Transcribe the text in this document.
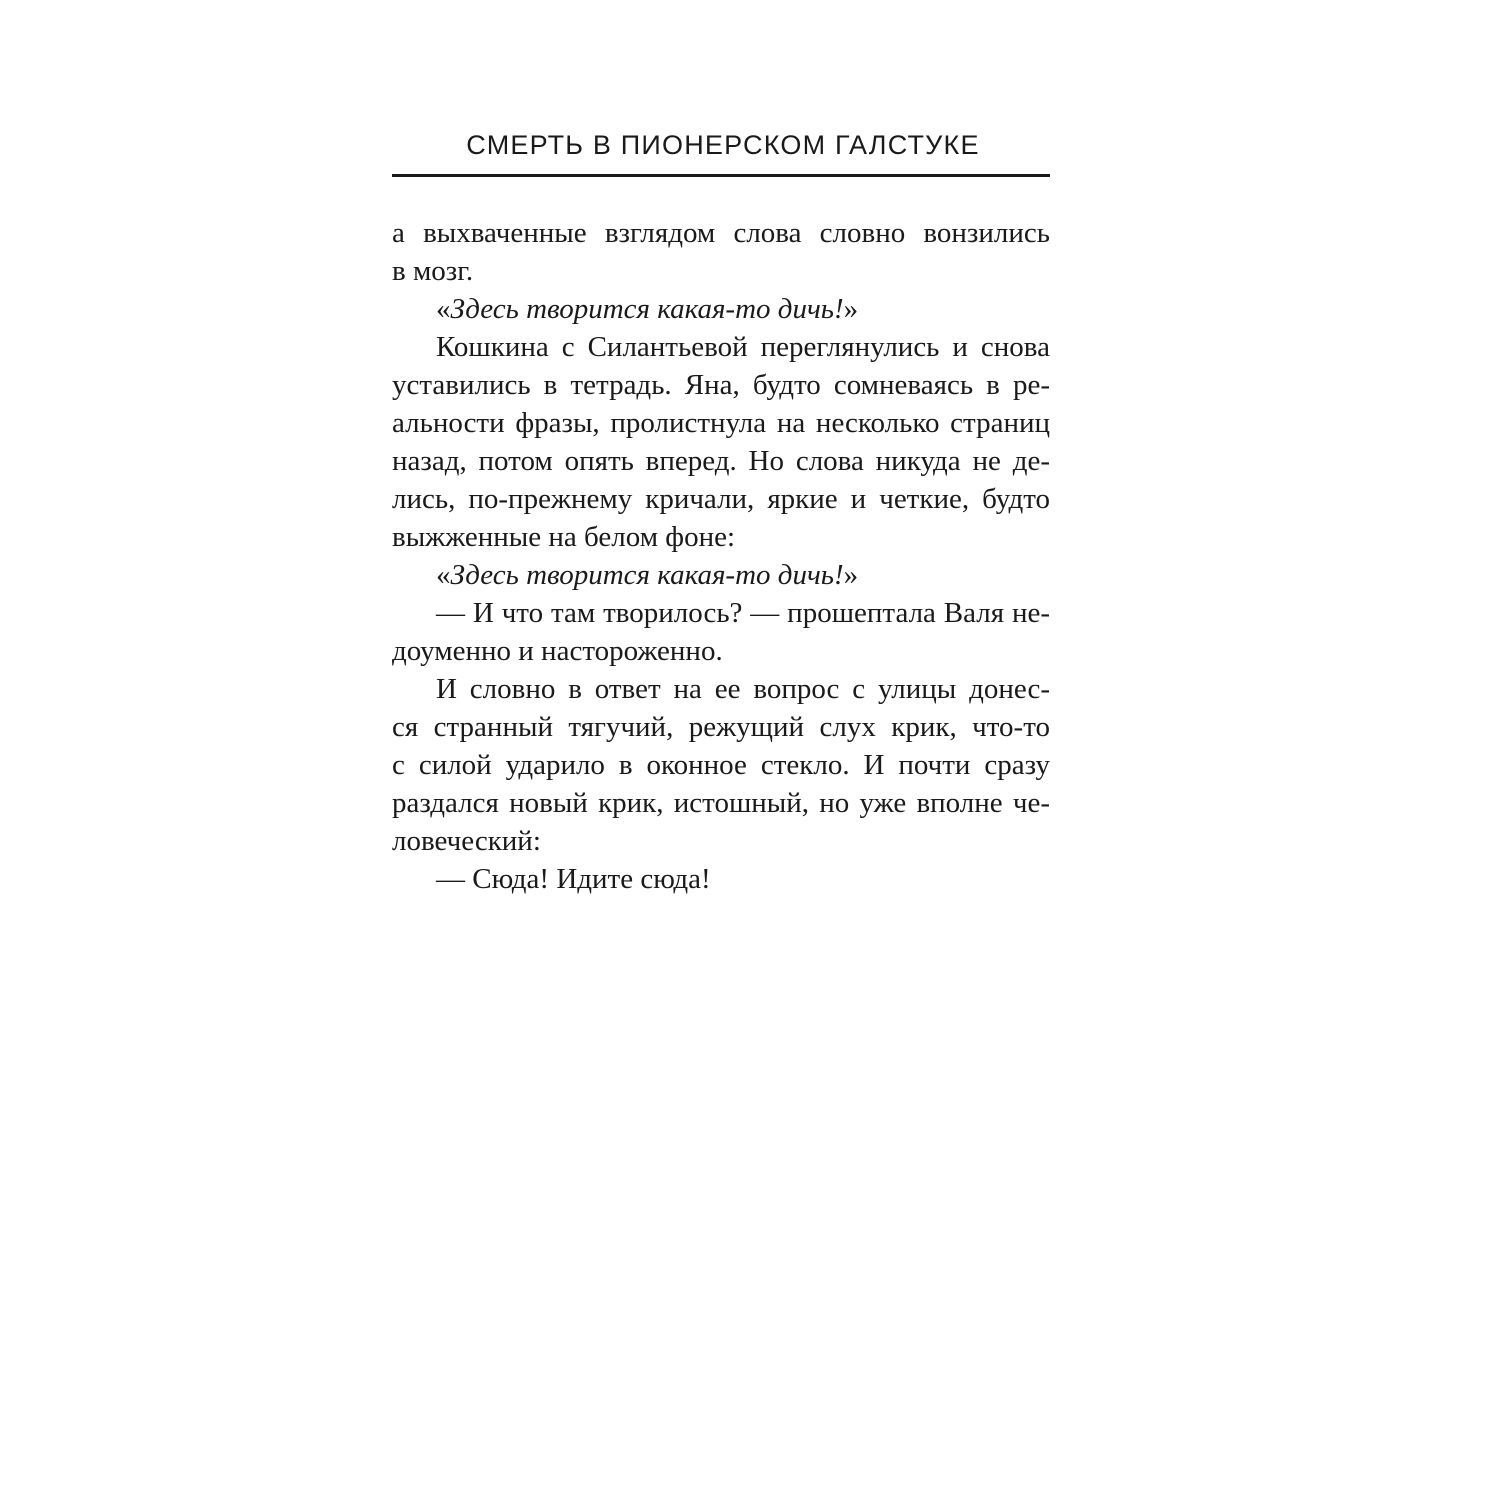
СМЕРТЬ В ПИОНЕРСКОМ ГАЛСТУКЕ
а выхваченные взглядом слова словно вонзились
в мозг.
«Здесь творится какая-то дичь!»
Кошкина с Силантьевой переглянулись и снова
уставились в тетрадь. Яна, будто сомневаясь в ре-
альности фразы, пролистнула на несколько страниц
назад, потом опять вперед. Но слова никуда не де-
лись, по-прежнему кричали, яркие и четкие, будто
выжженные на белом фоне:
«Здесь творится какая-то дичь!»
— И что там творилось? — прошептала Валя не-
доуменно и настороженно.
И словно в ответ на ее вопрос с улицы донес-
ся странный тягучий, режущий слух крик, что-то
с силой ударило в оконное стекло. И почти сразу
раздался новый крик, истошный, но уже вполне че-
ловеческий:
— Сюда! Идите сюда!
